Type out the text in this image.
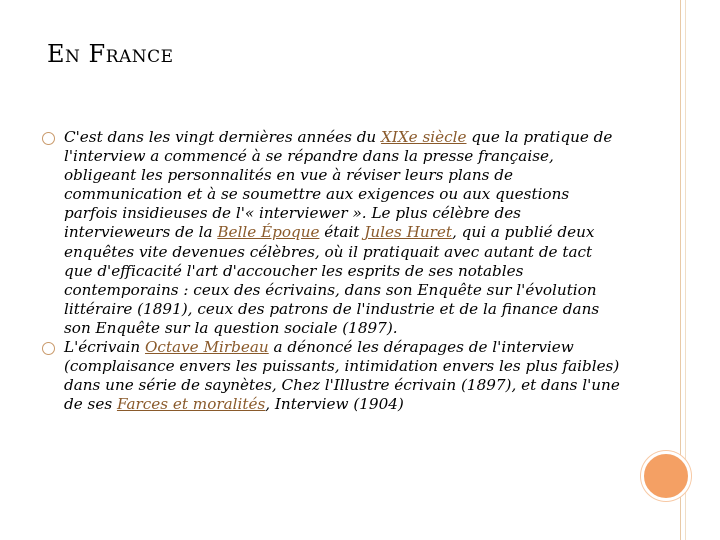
EN FRANCE
C'est dans les vingt dernières années du XIXe siècle que la pratique de l'interview a commencé à se répandre dans la presse française, obligeant les personnalités en vue à réviser leurs plans de communication et à se soumettre aux exigences ou aux questions parfois insidieuses de l'« interviewer ». Le plus célèbre des intervieweurs de la Belle Époque était Jules Huret, qui a publié deux enquêtes vite devenues célèbres, où il pratiquait avec autant de tact que d'efficacité l'art d'accoucher les esprits de ses notables contemporains : ceux des écrivains, dans son Enquête sur l'évolution littéraire (1891), ceux des patrons de l'industrie et de la finance dans son Enquête sur la question sociale (1897).
L'écrivain Octave Mirbeau a dénoncé les dérapages de l'interview (complaisance envers les puissants, intimidation envers les plus faibles) dans une série de saynètes, Chez l'Illustre écrivain (1897), et dans l'une de ses Farces et moralités, Interview (1904)
